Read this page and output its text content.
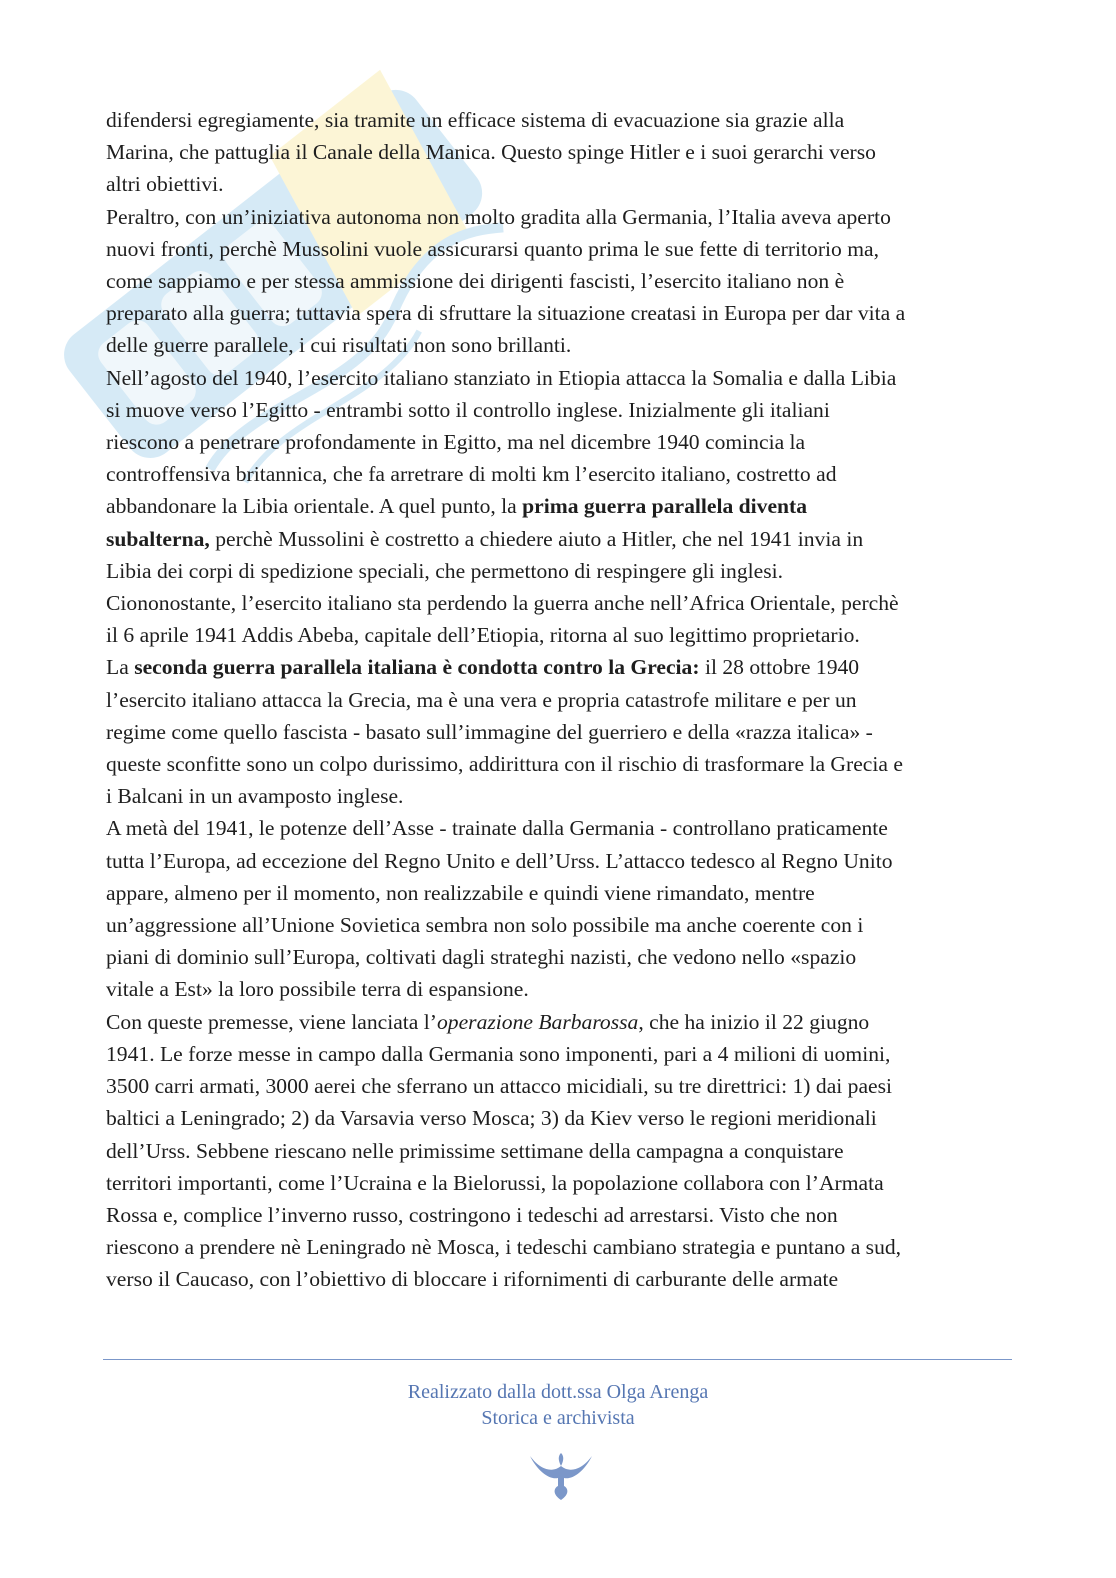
difendersi egregiamente, sia tramite un efficace sistema di evacuazione sia grazie alla
Marina, che pattuglia il Canale della Manica. Questo spinge Hitler e i suoi gerarchi verso
altri obiettivi.
Peraltro, con un’iniziativa autonoma non molto gradita alla Germania, l’Italia aveva aperto
nuovi fronti, perchè Mussolini vuole assicurarsi quanto prima le sue fette di territorio ma,
come sappiamo e per stessa ammissione dei dirigenti fascisti, l’esercito italiano non è
preparato alla guerra; tuttavia spera di sfruttare la situazione creatasi in Europa per dar vita a
delle guerre parallele, i cui risultati non sono brillanti.
Nell’agosto del 1940, l’esercito italiano stanziato in Etiopia attacca la Somalia e dalla Libia
si muove verso l’Egitto - entrambi sotto il controllo inglese. Inizialmente gli italiani
riescono a penetrare profondamente in Egitto, ma nel dicembre 1940 comincia la
controffensiva britannica, che fa arretrare di molti km l’esercito italiano, costretto ad
abbandonare la Libia orientale. A quel punto, la prima guerra parallela diventa
subalterna, perchè Mussolini è costretto a chiedere aiuto a Hitler, che nel 1941 invia in
Libia dei corpi di spedizione speciali, che permettono di respingere gli inglesi.
Ciononostante, l’esercito italiano sta perdendo la guerra anche nell’Africa Orientale, perchè
il 6 aprile 1941 Addis Abeba, capitale dell’Etiopia, ritorna al suo legittimo proprietario.
La seconda guerra parallela italiana è condotta contro la Grecia: il 28 ottobre 1940
l’esercito italiano attacca la Grecia, ma è una vera e propria catastrofe militare e per un
regime come quello fascista - basato sull’immagine del guerriero e della «razza italica» -
queste sconfitte sono un colpo durissimo, addirittura con il rischio di trasformare la Grecia e
i Balcani in un avamposto inglese.
A metà del 1941, le potenze dell’Asse - trainate dalla Germania - controllano praticamente
tutta l’Europa, ad eccezione del Regno Unito e dell’Urss. L’attacco tedesco al Regno Unito
appare, almeno per il momento, non realizzabile e quindi viene rimandato, mentre
un’aggressione all’Unione Sovietica sembra non solo possibile ma anche coerente con i
piani di dominio sull’Europa, coltivati dagli strateghi nazisti, che vedono nello «spazio
vitale a Est» la loro possibile terra di espansione.
Con queste premesse, viene lanciata l’operazione Barbarossa, che ha inizio il 22 giugno
1941. Le forze messe in campo dalla Germania sono imponenti, pari a 4 milioni di uomini,
3500 carri armati, 3000 aerei che sferrano un attacco micidiali, su tre direttrici: 1) dai paesi
baltici a Leningrado; 2) da Varsavia verso Mosca; 3) da Kiev verso le regioni meridionali
dell’Urss. Sebbene riescano nelle primissime settimane della campagna a conquistare
territori importanti, come l’Ucraina e la Bielorussi, la popolazione collabora con l’Armata
Rossa e, complice l’inverno russo, costringono i tedeschi ad arrestarsi. Visto che non
riescono a prendere nè Leningrado nè Mosca, i tedeschi cambiano strategia e puntano a sud,
verso il Caucaso, con l’obiettivo di bloccare i rifornimenti di carburante delle armate
Realizzato dalla dott.ssa Olga Arenga
Storica e archivista
